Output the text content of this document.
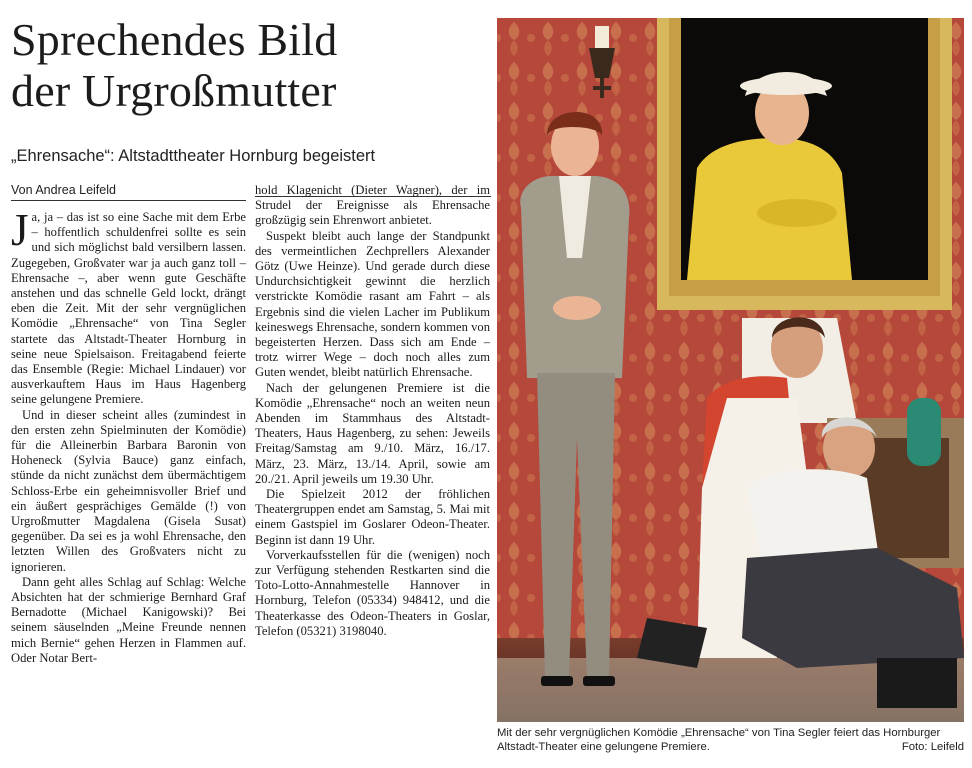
Sprechendes Bild
der Urgroßmutter
„Ehrensache“: Altstadttheater Hornburg begeistert
Von Andrea Leifeld

Ja, ja – das ist so eine Sache mit dem Erbe – hoffentlich schuldenfrei sollte es sein und sich möglichst bald versilbern lassen. Zugegeben, Großvater war ja auch ganz toll – Ehrensache –, aber wenn gute Geschäfte anstehen und das schnelle Geld lockt, drängt eben die Zeit. Mit der sehr vergnüglichen Komödie „Ehrensache“ von Tina Segler startete das Altstadt-Theater Hornburg in seine neue Spielsaison. Freitagabend feierte das Ensemble (Regie: Michael Lindauer) vor ausverkauftem Haus im Haus Hagenberg seine gelungene Premiere.

Und in dieser scheint alles (zumindest in den ersten zehn Spielminuten der Komödie) für die Alleinerbin Barbara Baronin von Hoheneck (Sylvia Bauce) ganz einfach, stünde da nicht zunächst dem übermächtigem Schloss-Erbe ein geheimnisvoller Brief und ein äußert gesprächiges Gemälde (!) von Urgroßmutter Magdalena (Gisela Susat) gegenüber. Da sei es ja wohl Ehrensache, den letzten Willen des Großvaters nicht zu ignorieren.

Dann geht alles Schlag auf Schlag: Welche Absichten hat der schmierige Bernhard Graf Bernadotte (Michael Kanigowski)? Bei seinem säuselnden „Meine Freunde nennen mich Bernie“ gehen Herzen in Flammen auf. Oder Notar Bert-

hold Klagenicht (Dieter Wagner), der im Strudel der Ereignisse als Ehrensache großzügig sein Ehrenwort anbietet.

Suspekt bleibt auch lange der Standpunkt des vermeintlichen Zechprellers Alexander Götz (Uwe Heinze). Und gerade durch diese Undurchsichtigkeit gewinnt die herzlich verstrickte Komödie rasant am Fahrt – als Ergebnis sind die vielen Lacher im Publikum keineswegs Ehrensache, sondern kommen von begeisterten Herzen. Dass sich am Ende – trotz wirrer Wege – doch noch alles zum Guten wendet, bleibt natürlich Ehrensache.

Nach der gelungenen Premiere ist die Komödie „Ehrensache“ noch an weiten neun Abenden im Stammhaus des Altstadt-Theaters, Haus Hagenberg, zu sehen: Jeweils Freitag/Samstag am 9./10. März, 16./17. März, 23. März, 13./14. April, sowie am 20./21. April jeweils um 19.30 Uhr.

Die Spielzeit 2012 der fröhlichen Theatergruppen endet am Samstag, 5. Mai mit einem Gastspiel im Goslarer Odeon-Theater. Beginn ist dann 19 Uhr.

Vorverkaufsstellen für die (wenigen) noch zur Verfügung stehenden Restkarten sind die Toto-Lotto-Annahmestelle Hannover in Hornburg, Telefon (05334) 948412, und die Theaterkasse des Odeon-Theaters in Goslar, Telefon (05321) 3198040.

Mit der sehr vergnüglichen Komödie „Ehrensache“ von Tina Segler feiert das Hornburger Altstadt-Theater eine gelungene Premiere.	Foto: Leifeld
